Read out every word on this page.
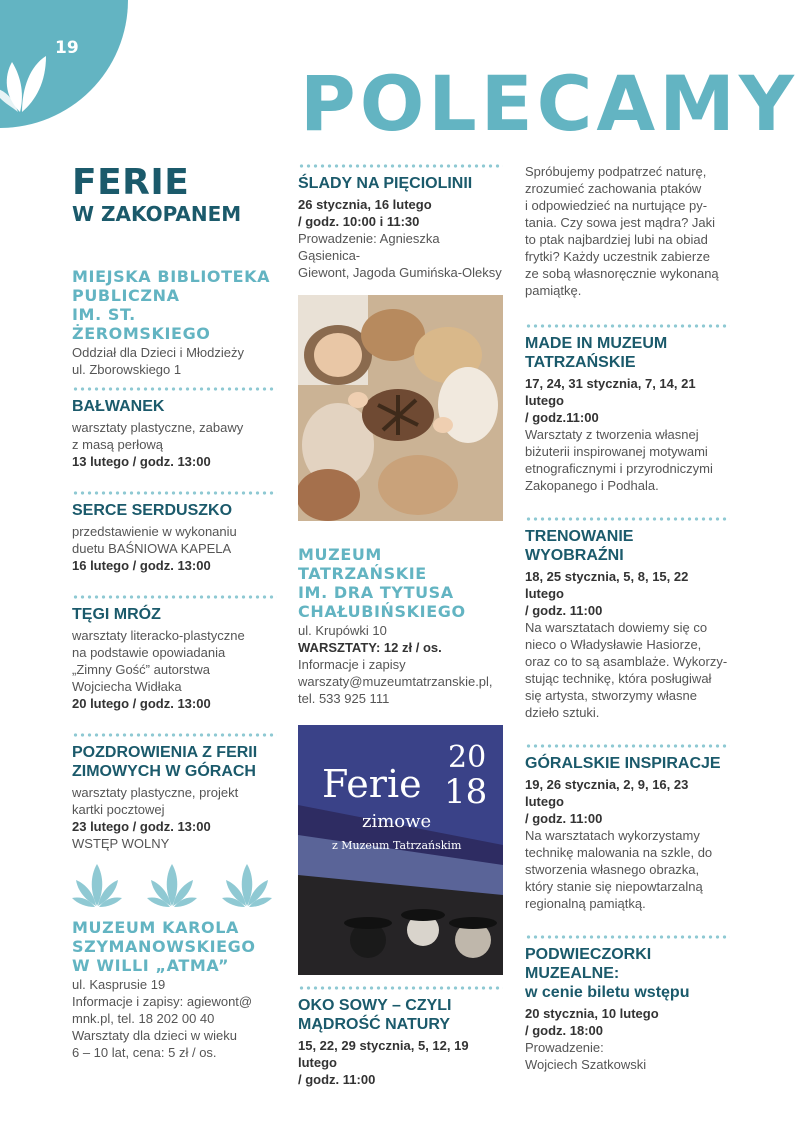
19
POLECAMY
FERIE
W ZAKOPANEM
MIEJSKA BIBLIOTEKA
PUBLICZNA
IM. ST. ŻEROMSKIEGO
Oddział dla Dzieci i Młodzieży
ul. Zborowskiego 1
BAŁWANEK
warsztaty plastyczne, zabawy
z masą perłową
13 lutego / godz. 13:00
SERCE SERDUSZKO
przedstawienie w wykonaniu
duetu BAŚNIOWA KAPELA
16 lutego / godz. 13:00
TĘGI MRÓZ
warsztaty literacko-plastyczne
na podstawie opowiadania
„Zimny Gość” autorstwa
Wojciecha Widłaka
20 lutego / godz. 13:00
POZDROWIENIA Z FERII
ZIMOWYCH W GÓRACH
warsztaty plastyczne, projekt
kartki pocztowej
23 lutego / godz. 13:00
WSTĘP WOLNY
MUZEUM KAROLA
SZYMANOWSKIEGO
W WILLI „ATMA”
ul. Kasprusie 19
Informacje i zapisy: agiewont@
mnk.pl, tel. 18 202 00 40
Warsztaty dla dzieci w wieku
6 – 10 lat, cena: 5 zł / os.
ŚLADY NA PIĘCIOLINII
26 stycznia, 16 lutego
/ godz. 10:00 i 11:30
Prowadzenie: Agnieszka Gąsienica-
Giewont, Jagoda Gumińska-Oleksy
MUZEUM
TATRZAŃSKIE
IM. DRA TYTUSA
CHAŁUBIŃSKIEGO
ul. Krupówki 10
WARSZTATY: 12 zł / os.
Informacje i zapisy
warszaty@muzeumtatrzanskie.pl,
tel. 533 925 111
20
18
Ferie
zimowe
z Muzeum Tatrzańskim
OKO SOWY – CZYLI
MĄDROŚĆ NATURY
15, 22, 29 stycznia, 5, 12, 19 lutego
/ godz. 11:00
Spróbujemy podpatrzeć naturę,
zrozumieć zachowania ptaków
i odpowiedzieć na nurtujące py-
tania. Czy sowa jest mądra? Jaki
to ptak najbardziej lubi na obiad
frytki? Każdy uczestnik zabierze
ze sobą własnoręcznie wykonaną
pamiątkę.
MADE IN MUZEUM
TATRZAŃSKIE
17, 24, 31 stycznia, 7, 14, 21 lutego
/ godz.11:00
Warsztaty z tworzenia własnej
biżuterii inspirowanej motywami
etnograficznymi i przyrodniczymi
Zakopanego i Podhala.
TRENOWANIE
WYOBRAŹNI
18, 25 stycznia, 5, 8, 15, 22 lutego
/ godz. 11:00
Na warsztatach dowiemy się co
nieco o Władysławie Hasiorze,
oraz co to są asamblaże. Wykorzy-
stując technikę, która posługiwał
się artysta, stworzymy własne
dzieło sztuki.
GÓRALSKIE INSPIRACJE
19, 26 stycznia, 2, 9, 16, 23 lutego
/ godz. 11:00
Na warsztatach wykorzystamy
technikę malowania na szkle, do
stworzenia własnego obrazka,
który stanie się niepowtarzalną
regionalną pamiątką.
PODWIECZORKI
MUZEALNE:
w cenie biletu wstępu
20 stycznia, 10 lutego
/ godz. 18:00
Prowadzenie:
Wojciech Szatkowski
